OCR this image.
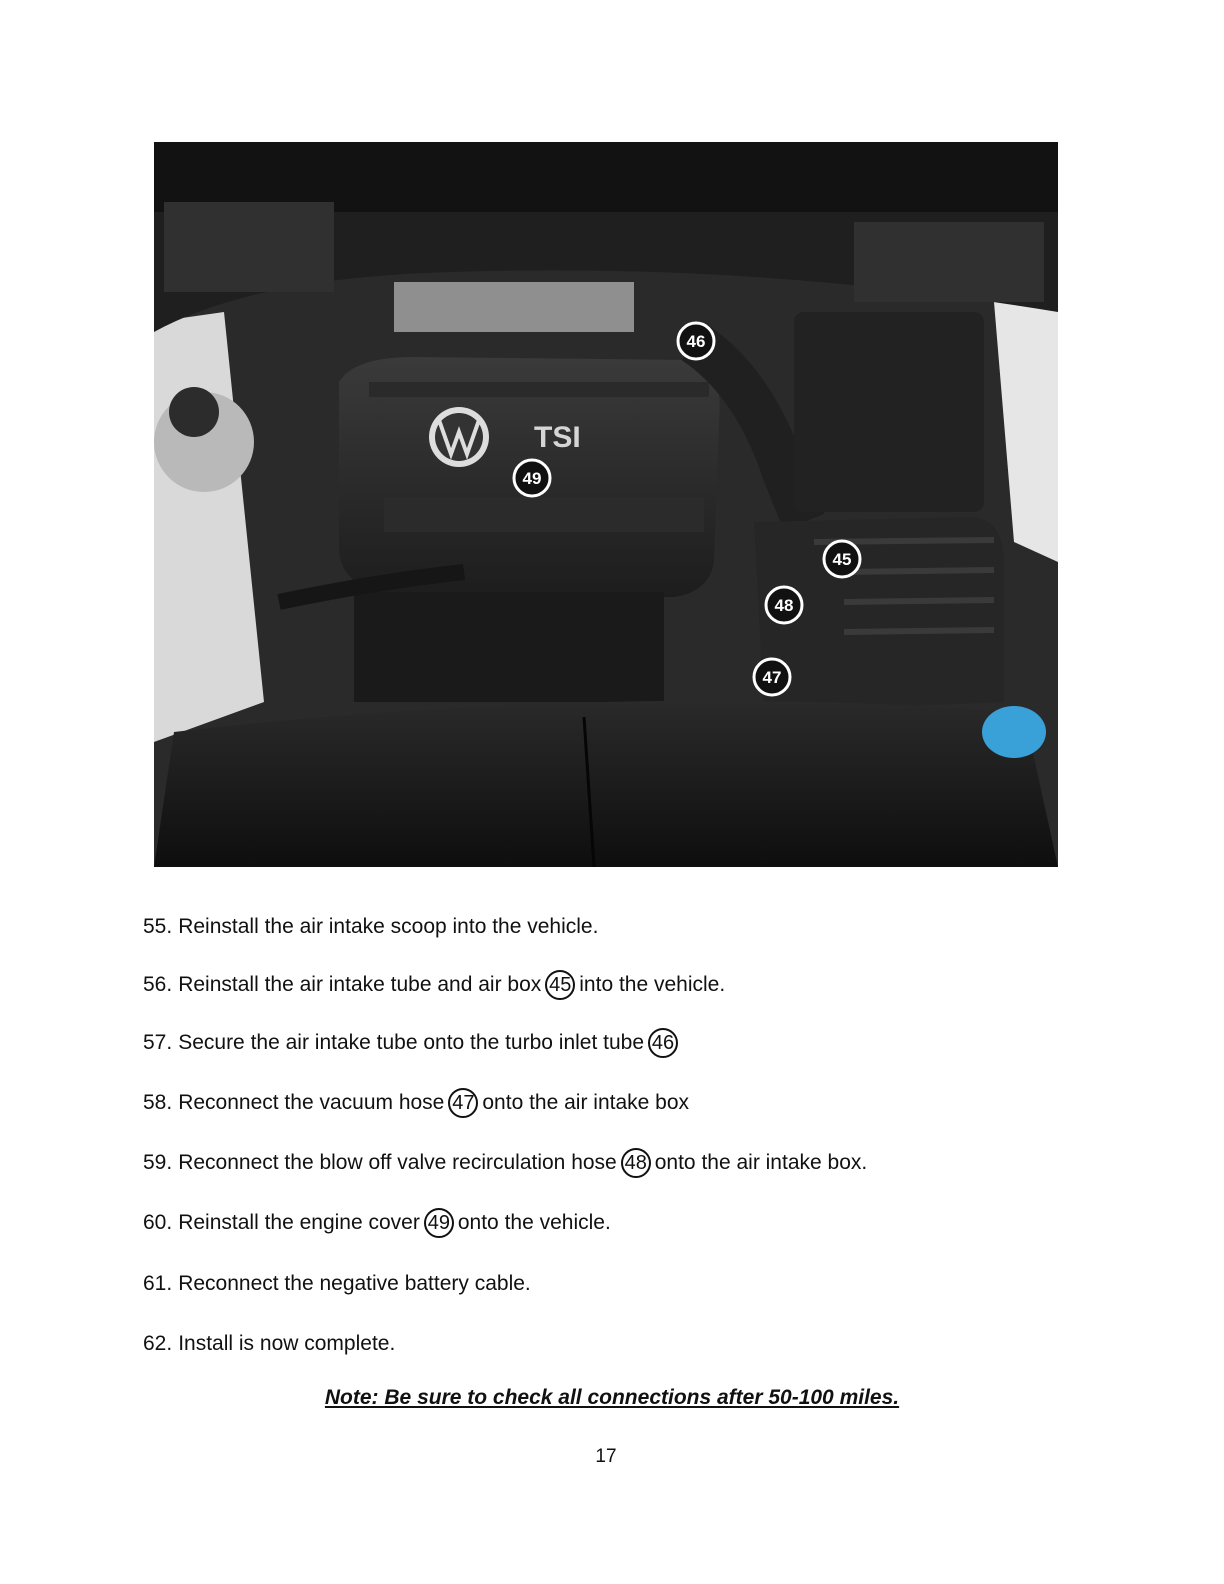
TSI
46
49
45
48
47
55. Reinstall the air intake scoop into the vehicle.
56. Reinstall the air intake tube and air box 45 into the vehicle.
57. Secure the air intake tube onto the turbo inlet tube 46
58. Reconnect the vacuum hose 47 onto the air intake box
59. Reconnect the blow off valve recirculation hose 48 onto the air intake box.
60. Reinstall the engine cover 49 onto the vehicle.
61. Reconnect the negative battery cable.
62. Install is now complete.
Note: Be sure to check all connections after 50-100 miles.
17
